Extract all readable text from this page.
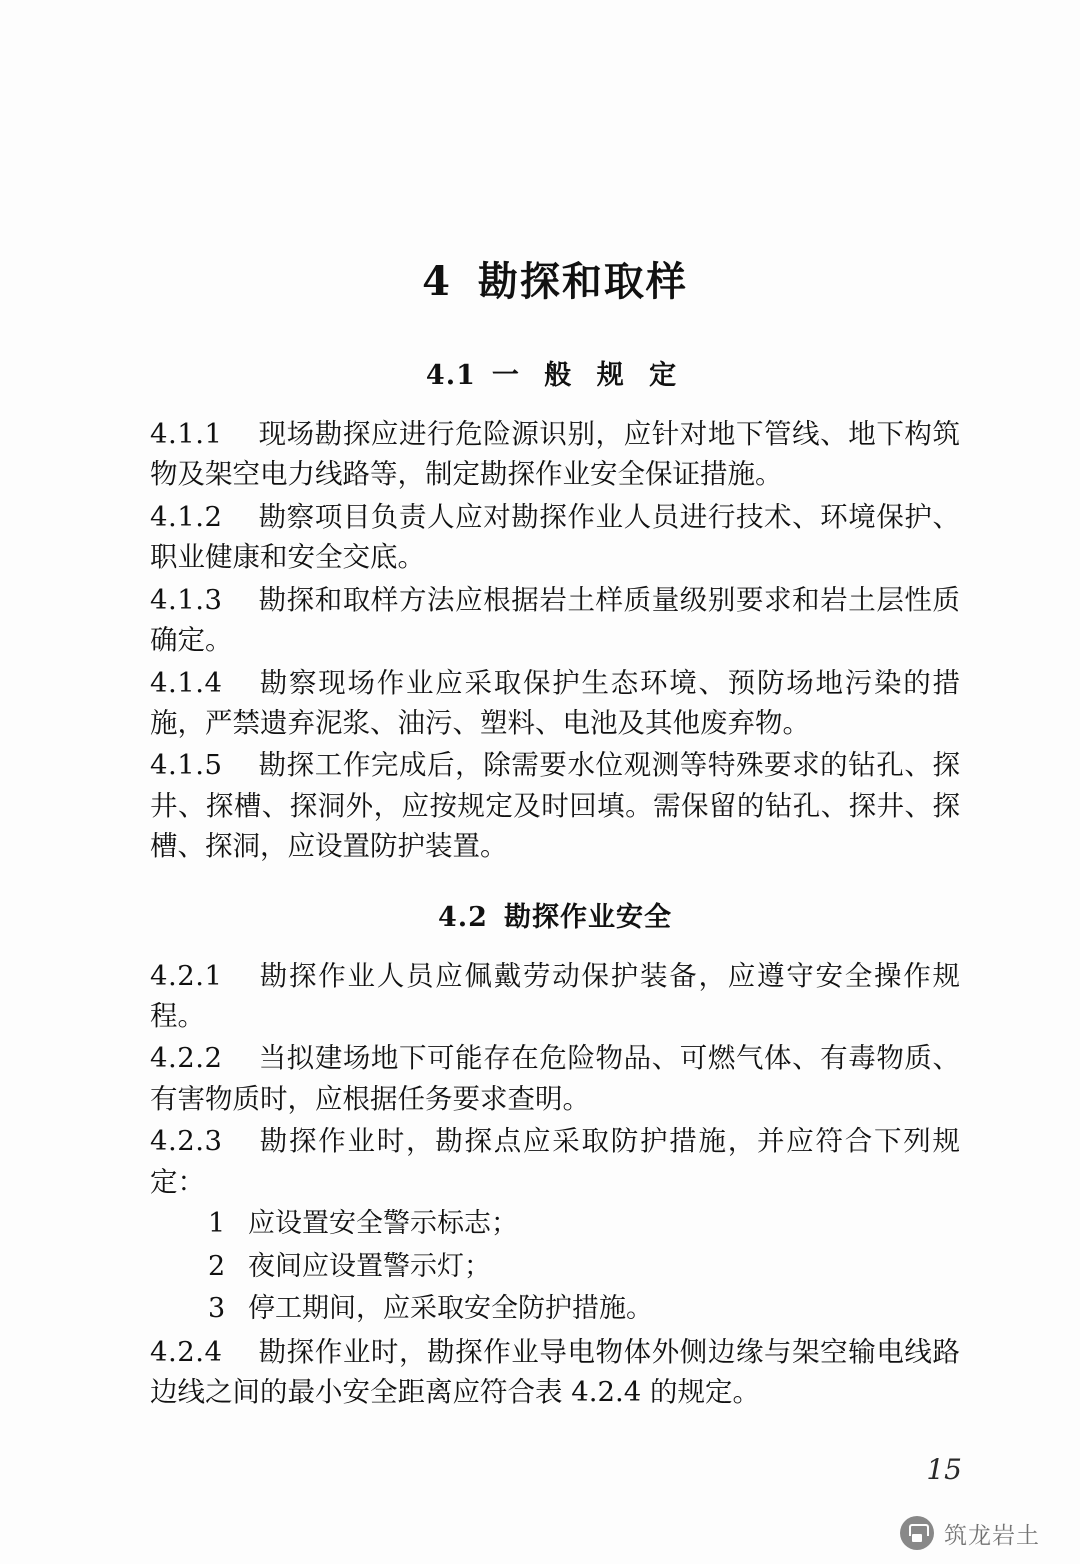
4 勘探和取样
4.1 一 般 规 定

4.1.1 现场勘探应进行危险源识别，应针对地下管线、地下构筑物及架空电力线路等，制定勘探作业安全保证措施。

4.1.2 勘察项目负责人应对勘探作业人员进行技术、环境保护、职业健康和安全交底。

4.1.3 勘探和取样方法应根据岩土样质量级别要求和岩土层性质确定。

4.1.4 勘察现场作业应采取保护生态环境、预防场地污染的措施，严禁遗弃泥浆、油污、塑料、电池及其他废弃物。

4.1.5 勘探工作完成后，除需要水位观测等特殊要求的钻孔、探井、探槽、探洞外，应按规定及时回填。需保留的钻孔、探井、探槽、探洞，应设置防护装置。

4.2 勘探作业安全

4.2.1 勘探作业人员应佩戴劳动保护装备，应遵守安全操作规程。

4.2.2 当拟建场地下可能存在危险物品、可燃气体、有毒物质、有害物质时，应根据任务要求查明。

4.2.3 勘探作业时，勘探点应采取防护措施，并应符合下列规定：

1 应设置安全警示标志；
2 夜间应设置警示灯；
3 停工期间，应采取安全防护措施。

4.2.4 勘探作业时，勘探作业导电物体外侧边缘与架空输电线路边线之间的最小安全距离应符合表 4.2.4 的规定。

15
筑龙岩土
